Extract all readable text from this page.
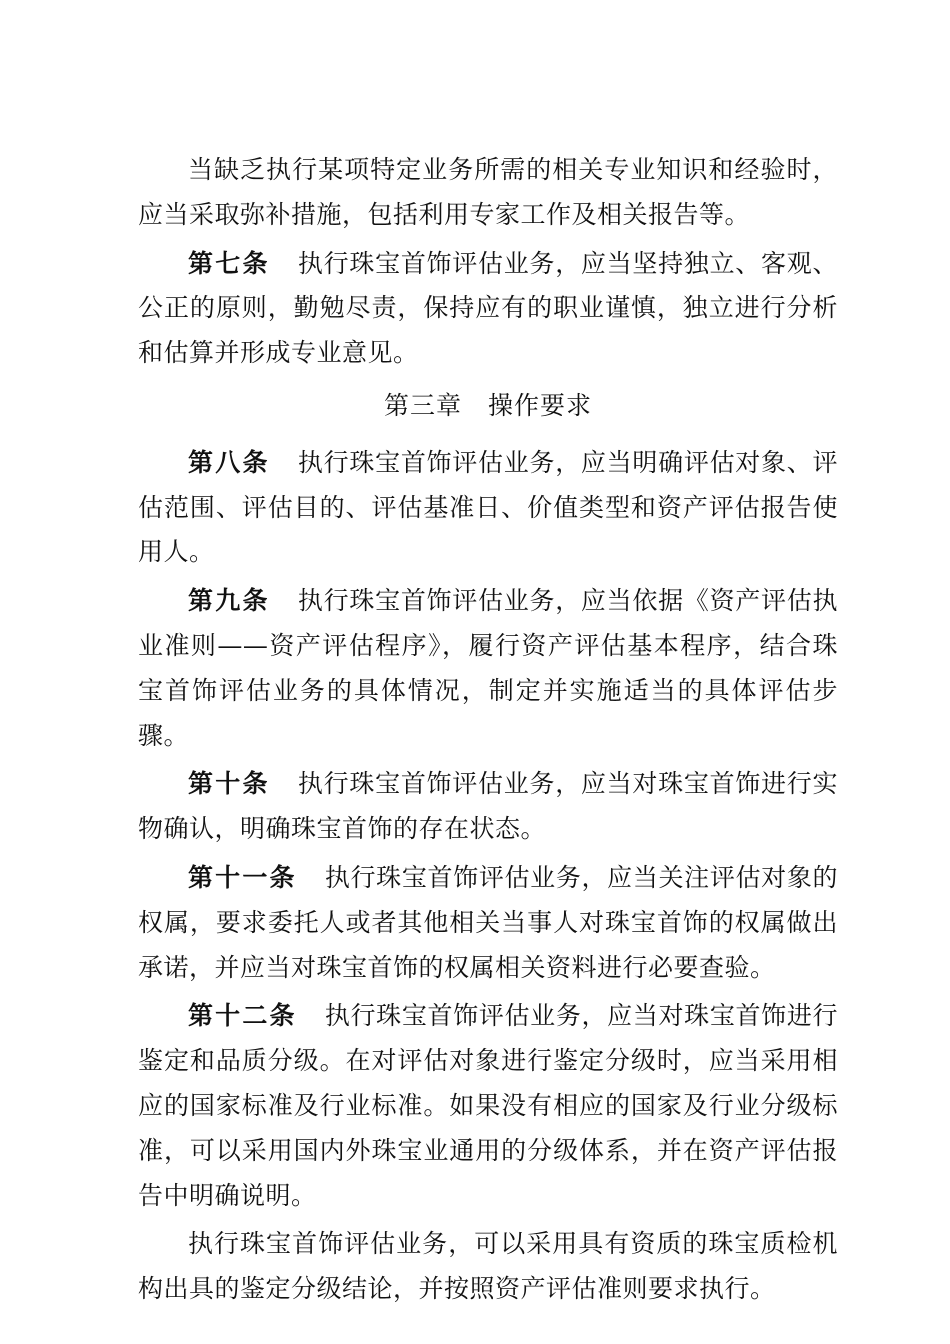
当缺乏执行某项特定业务所需的相关专业知识和经验时，应当采取弥补措施，包括利用专家工作及相关报告等。

第七条 执行珠宝首饰评估业务，应当坚持独立、客观、公正的原则，勤勉尽责，保持应有的职业谨慎，独立进行分析和估算并形成专业意见。

第三章 操作要求

第八条 执行珠宝首饰评估业务，应当明确评估对象、评估范围、评估目的、评估基准日、价值类型和资产评估报告使用人。

第九条 执行珠宝首饰评估业务，应当依据《资产评估执业准则——资产评估程序》，履行资产评估基本程序，结合珠宝首饰评估业务的具体情况，制定并实施适当的具体评估步骤。

第十条 执行珠宝首饰评估业务，应当对珠宝首饰进行实物确认，明确珠宝首饰的存在状态。

第十一条 执行珠宝首饰评估业务，应当关注评估对象的权属，要求委托人或者其他相关当事人对珠宝首饰的权属做出承诺，并应当对珠宝首饰的权属相关资料进行必要查验。

第十二条 执行珠宝首饰评估业务，应当对珠宝首饰进行鉴定和品质分级。在对评估对象进行鉴定分级时，应当采用相应的国家标准及行业标准。如果没有相应的国家及行业分级标准，可以采用国内外珠宝业通用的分级体系，并在资产评估报告中明确说明。

执行珠宝首饰评估业务，可以采用具有资质的珠宝质检机构出具的鉴定分级结论，并按照资产评估准则要求执行。
